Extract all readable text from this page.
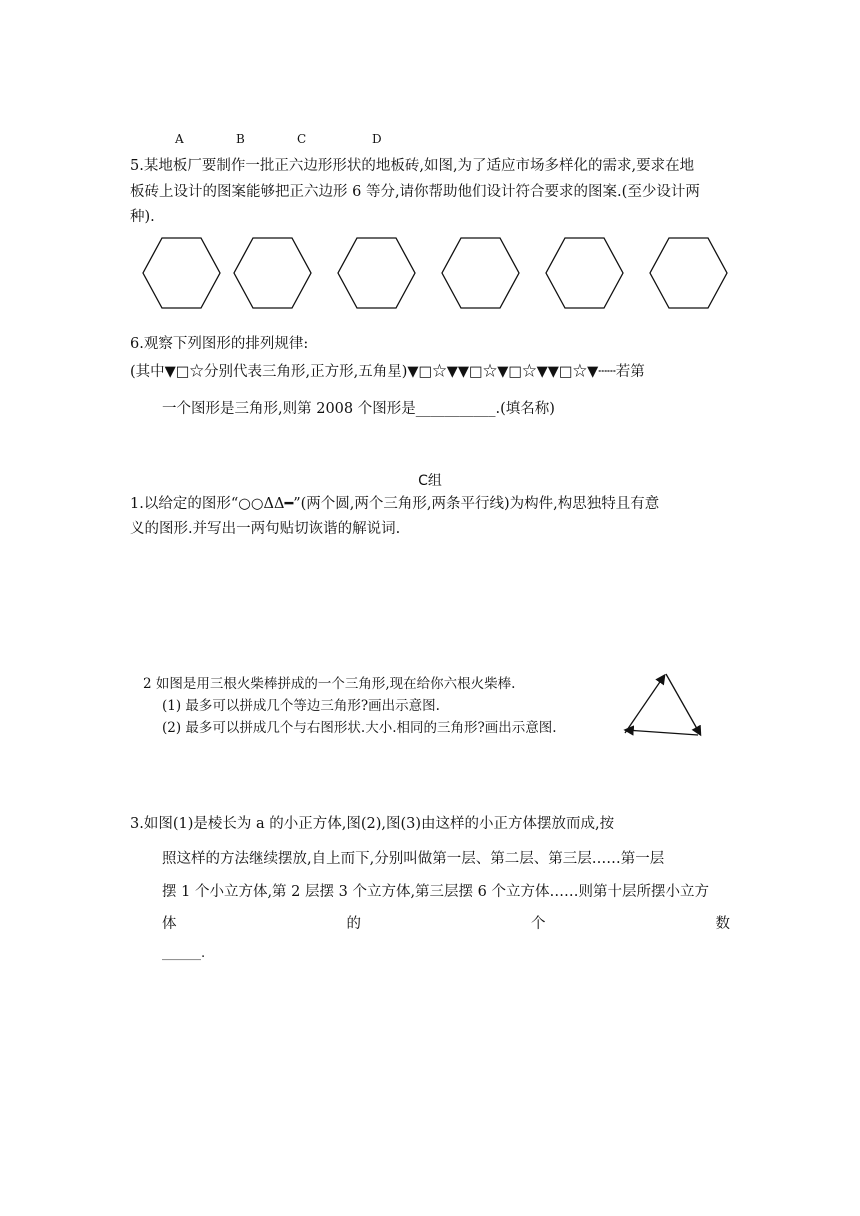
A	B	C	D
5.某地板厂要制作一批正六边形形状的地板砖,如图,为了适应市场多样化的需求,要求在地
板砖上设计的图案能够把正六边形 6 等分,请你帮助他们设计符合要求的图案.(至少设计两
种).
6.观察下列图形的排列规律:
(其中▼□☆分别代表三角形,正方形,五角星)▼□☆▼▼□☆▼□☆▼▼□☆▼┄┄若第
一个图形是三角形,则第 2008 个图形是___________.(填名称)
C组
1.以给定的图形“○○ΔΔ━”(两个圆,两个三角形,两条平行线)为构件,构思独特且有意
义的图形.并写出一两句贴切诙谐的解说词.
2 如图是用三根火柴棒拼成的一个三角形,现在给你六根火柴棒.
(1) 最多可以拼成几个等边三角形?画出示意图.
(2) 最多可以拼成几个与右图形状.大小.相同的三角形?画出示意图.
3.如图(1)是棱长为 a 的小正方体,图(2),图(3)由这样的小正方体摆放而成,按
照这样的方法继续摆放,自上而下,分别叫做第一层、第二层、第三层……第一层
摆 1 个小立方体,第 2 层摆 3 个立方体,第三层摆 6 个立方体……则第十层所摆小立方
体	的	个	数
______.
